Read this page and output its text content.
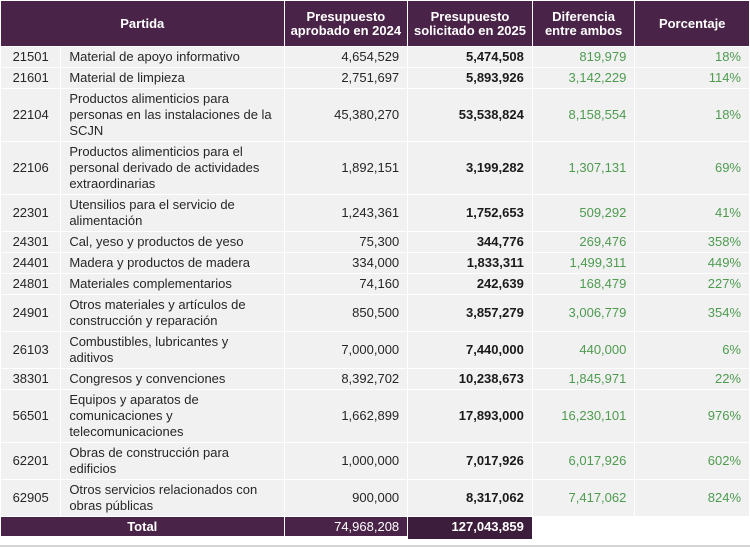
Partida		Presupuesto aprobado en 2024	Presupuesto solicitado en 2025	Diferencia entre ambos	Porcentaje
21501	Material de apoyo informativo	4,654,529	5,474,508	819,979	18%
21601	Material de limpieza	2,751,697	5,893,926	3,142,229	114%
22104	Productos alimenticios para personas en las instalaciones de la SCJN	45,380,270	53,538,824	8,158,554	18%
22106	Productos alimenticios para el personal derivado de actividades extraordinarias	1,892,151	3,199,282	1,307,131	69%
22301	Utensilios para el servicio de alimentación	1,243,361	1,752,653	509,292	41%
24301	Cal, yeso y productos de yeso	75,300	344,776	269,476	358%
24401	Madera y productos de madera	334,000	1,833,311	1,499,311	449%
24801	Materiales complementarios	74,160	242,639	168,479	227%
24901	Otros materiales y artículos de construcción y reparación	850,500	3,857,279	3,006,779	354%
26103	Combustibles, lubricantes y aditivos	7,000,000	7,440,000	440,000	6%
38301	Congresos y convenciones	8,392,702	10,238,673	1,845,971	22%
56501	Equipos y aparatos de comunicaciones y telecomunicaciones	1,662,899	17,893,000	16,230,101	976%
62201	Obras de construcción para edificios	1,000,000	7,017,926	6,017,926	602%
62905	Otros servicios relacionados con obras públicas	900,000	8,317,062	7,417,062	824%
Total		74,968,208	127,043,859		
